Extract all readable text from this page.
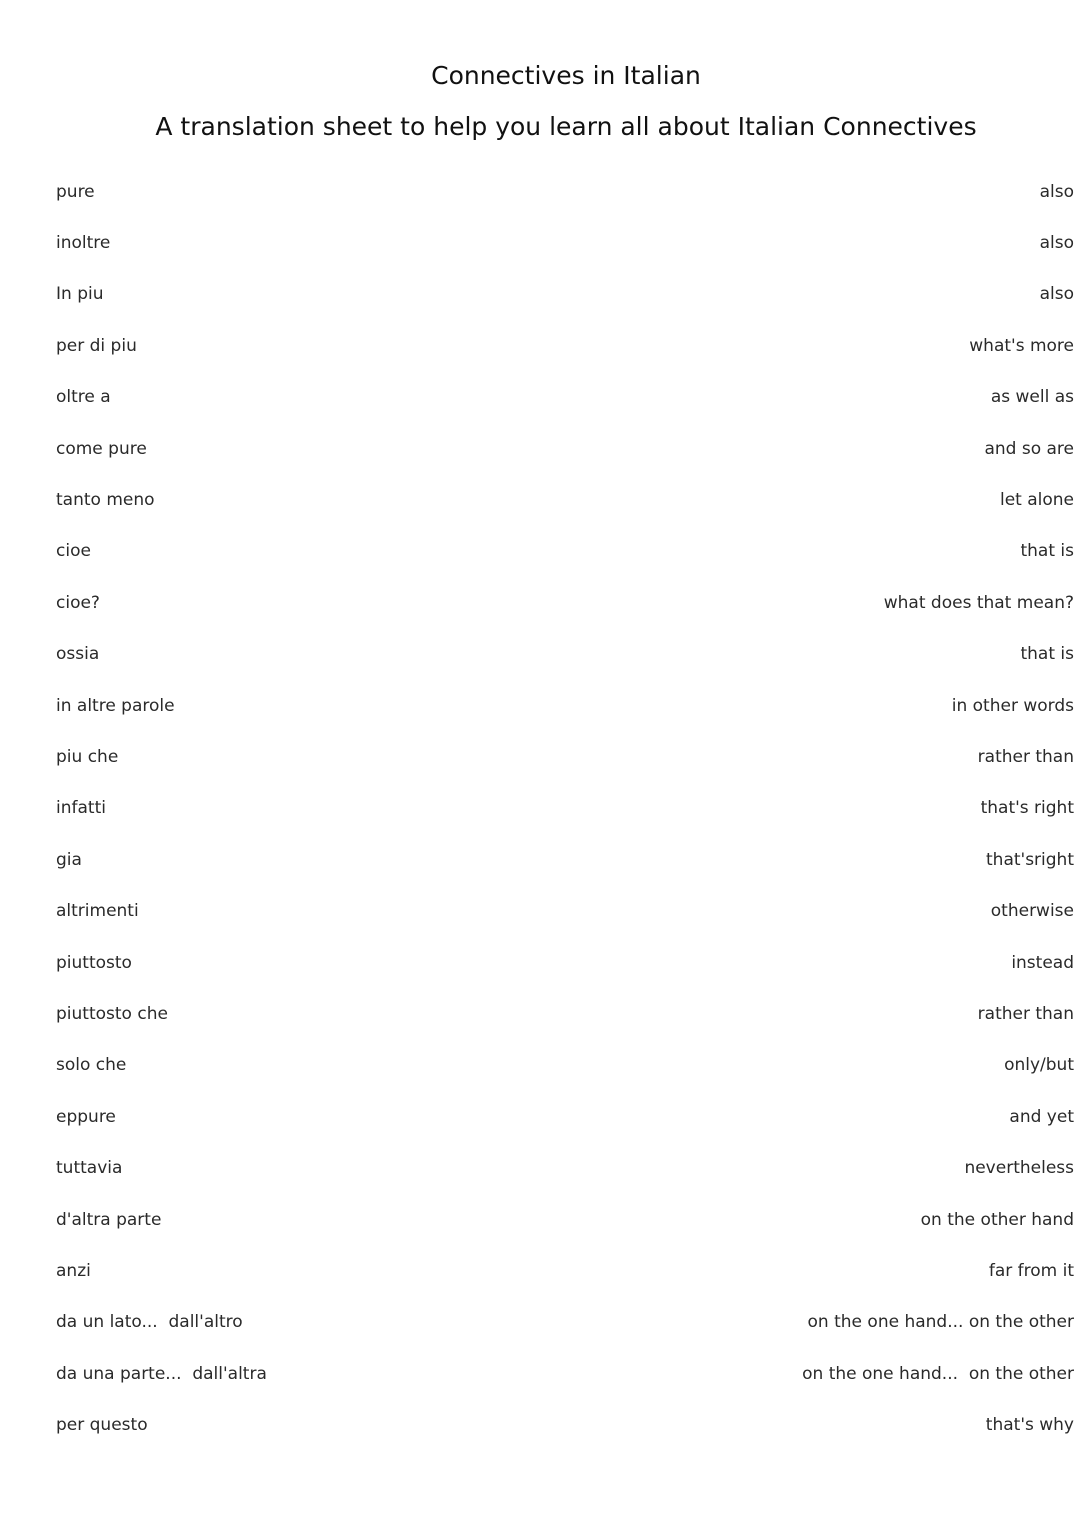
Connectives in Italian
A translation sheet to help you learn all about Italian Connectives
pure	also
inoltre	also
In piu	also
per di piu	what's more
oltre a	as well as
come pure	and so are
tanto meno	let alone
cioe	that is
cioe?	what does that mean?
ossia	that is
in altre parole	in other words
piu che	rather than
infatti	that's right
gia	that'sright
altrimenti	otherwise
piuttosto	instead
piuttosto che	rather than
solo che	only/but
eppure	and yet
tuttavia	nevertheless
d'altra parte	on the other hand
anzi	far from it
da un lato...  dall'altro	on the one hand... on the other
da una parte...  dall'altra	on the one hand...  on the other
per questo	that's why
